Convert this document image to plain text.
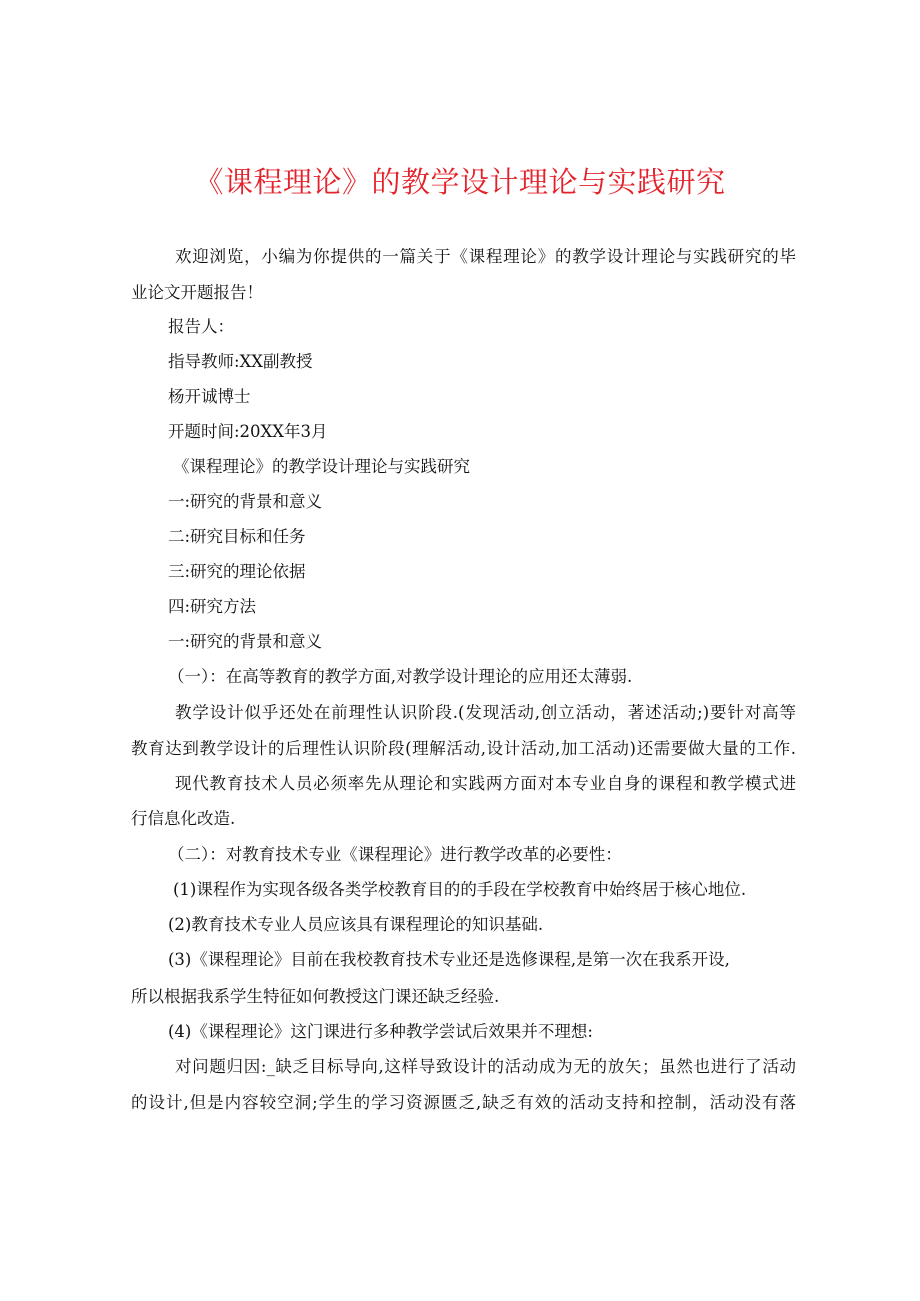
《课程理论》的教学设计理论与实践研究
欢迎浏览，小编为你提供的一篇关于《课程理论》的教学设计理论与实践研究的毕
业论文开题报告！
报告人：
指导教师:XX副教授
杨开诚博士
开题时间:20XX年3月
《课程理论》的教学设计理论与实践研究
一:研究的背景和意义
二:研究目标和任务
三:研究的理论依据
四:研究方法
一:研究的背景和意义
（一）：在高等教育的教学方面,对教学设计理论的应用还太薄弱.
教学设计似乎还处在前理性认识阶段.(发现活动,创立活动，著述活动;)要针对高等
教育达到教学设计的后理性认识阶段(理解活动,设计活动,加工活动)还需要做大量的工作.
现代教育技术人员必须率先从理论和实践两方面对本专业自身的课程和教学模式进
行信息化改造.
（二）：对教育技术专业《课程理论》进行教学改革的必要性：
(1)课程作为实现各级各类学校教育目的的手段在学校教育中始终居于核心地位.
(2)教育技术专业人员应该具有课程理论的知识基础.
(3)《课程理论》目前在我校教育技术专业还是选修课程,是第一次在我系开设,
所以根据我系学生特征如何教授这门课还缺乏经验.
(4)《课程理论》这门课进行多种教学尝试后效果并不理想:
对问题归因:_缺乏目标导向,这样导致设计的活动成为无的放矢；虽然也进行了活动
的设计,但是内容较空洞;学生的学习资源匮乏,缺乏有效的活动支持和控制，活动没有落
